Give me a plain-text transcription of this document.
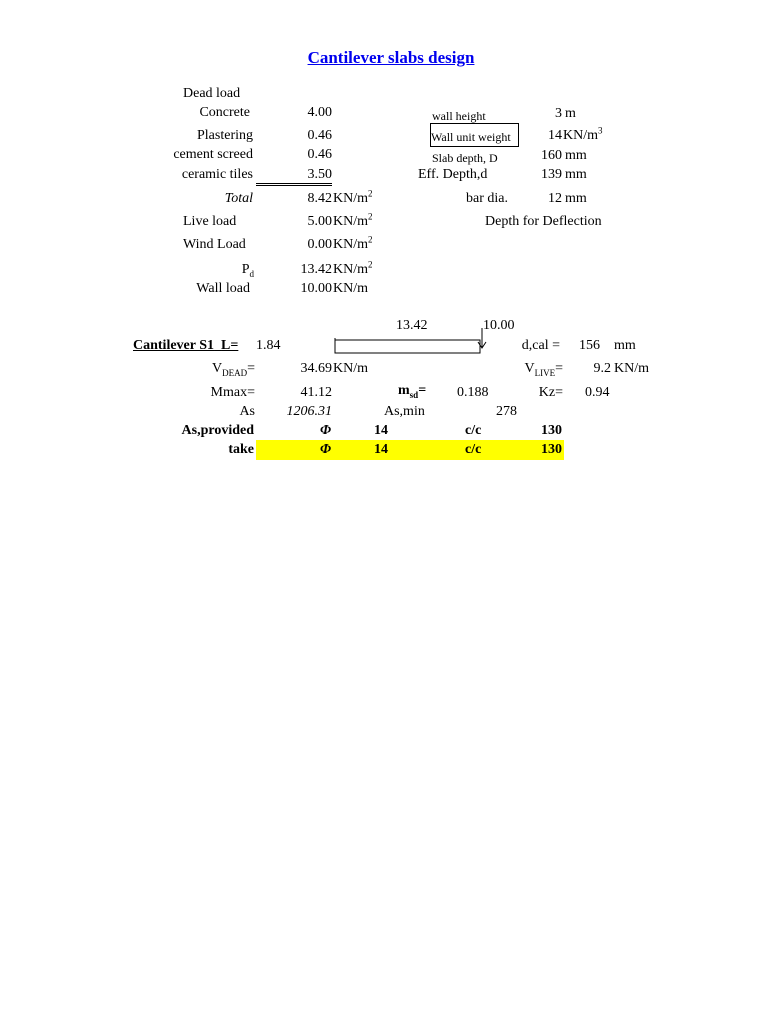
Cantilever slabs design
Dead load
Concrete	4.00
Plastering	0.46
cement screed	0.46
ceramic tiles	3.50
Total	8.42 $KN/m^2$
Live load	5.00 $KN/m^2$
Wind Load	0.00 $KN/m^2$
$P_d$	13.42 $KN/m^2$
Wall load	10.00 KN/m
wall height	3 m
Wall unit weight	14 $KN/m^3$
Slab depth, D	160 mm
Eff. Depth,d	139 mm
bar dia.	12 mm
Depth for Deflection
13.42	10.00
Cantilever S1 L= 1.84	d,cal =	156 mm
$V_{DEAD}=$	34.69 KN/m	$V_{LIVE}=$	9.2 KN/m
Mmax=	41.12	$m_{sd}= 0.188$	Kz= 0.94
As	1206.31	As,min	278
As,provided	Φ	14	c/c	130
take	Φ	14	c/c	130
